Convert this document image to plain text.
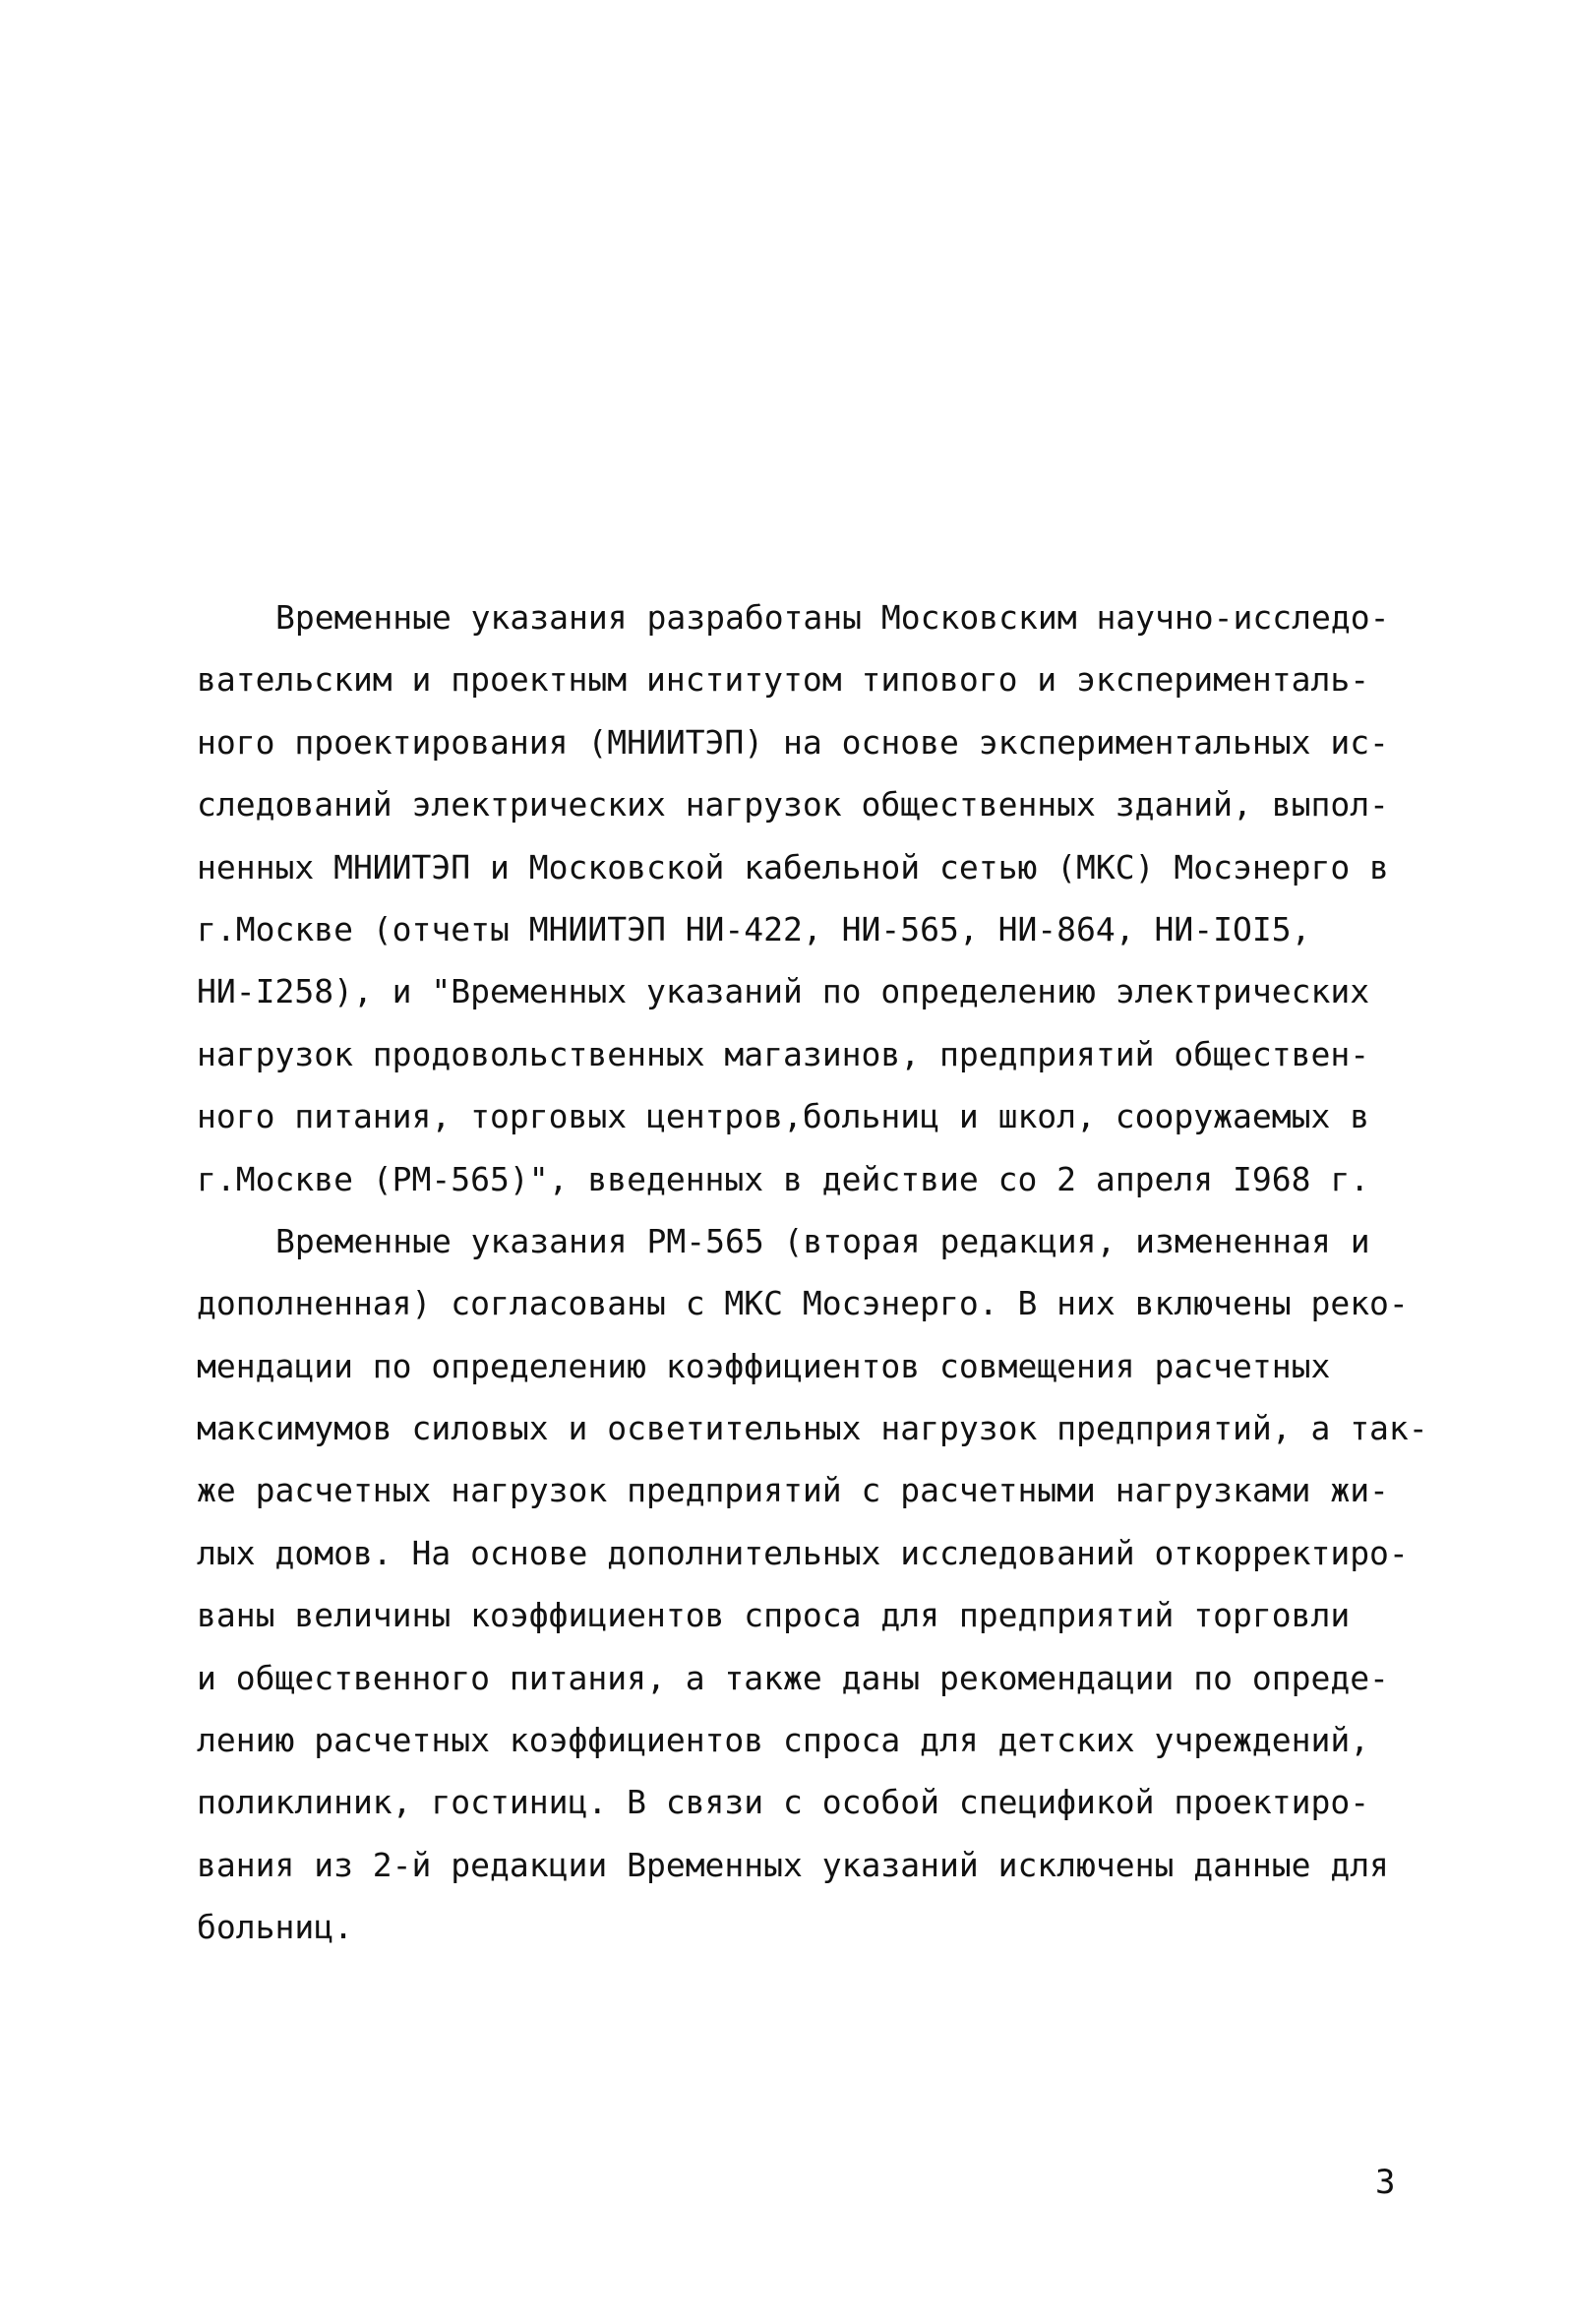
Временные указания разработаны Московским научно-исследо-
вательским и проектным институтом типового и эксперименталь-
ного проектирования (МНИИТЭП) на основе экспериментальных ис-
следований электрических нагрузок общественных зданий, выпол-
ненных МНИИТЭП и Московской кабельной сетью (МКС) Мосэнерго в
г.Москве (отчеты МНИИТЭП НИ-422, НИ-565, НИ-864, НИ-IОI5,
НИ-I258), и "Временных указаний по определению электрических
нагрузок продовольственных магазинов, предприятий обществен-
ного питания, торговых центров,больниц и школ, сооружаемых в
г.Москве (РМ-565)", введенных в действие со 2 апреля I968 г.
Временные указания РМ-565 (вторая редакция, измененная и
дополненная) согласованы с МКС Мосэнерго. В них включены реко-
мендации по определению коэффициентов совмещения расчетных
максимумов силовых и осветительных нагрузок предприятий, а так-
же расчетных нагрузок предприятий с расчетными нагрузками жи-
лых домов. На основе дополнительных исследований откорректиро-
ваны величины коэффициентов спроса для предприятий торговли
и общественного питания, а также даны рекомендации по опреде-
лению расчетных коэффициентов спроса для детских учреждений,
поликлиник, гостиниц. В связи с особой спецификой проектиро-
вания из 2-й редакции Временных указаний исключены данные для
больниц.
3
